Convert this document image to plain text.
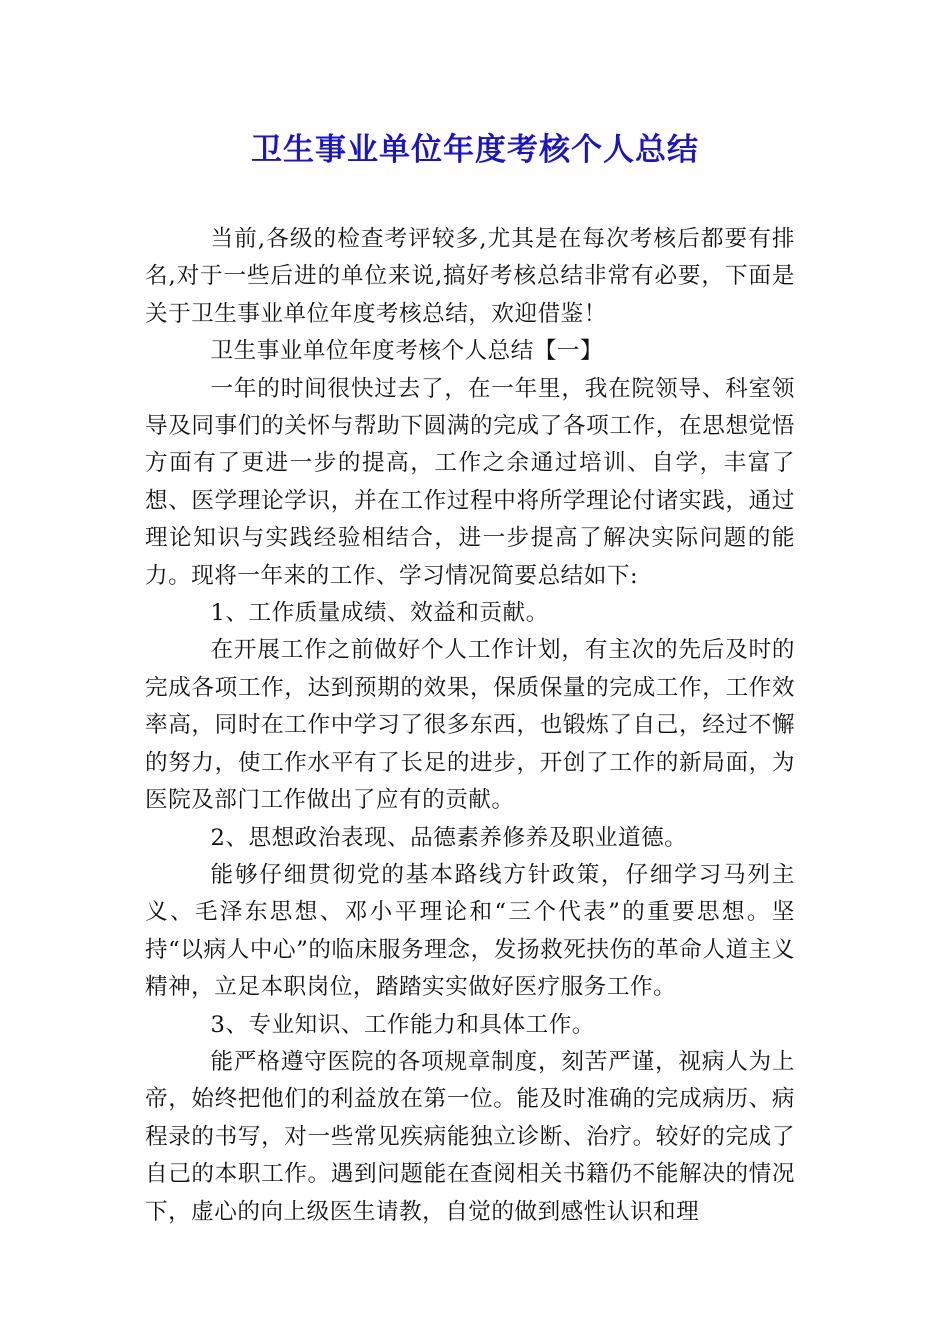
卫生事业单位年度考核个人总结

当前,各级的检查考评较多,尤其是在每次考核后都要有排名,对于一些后进的单位来说,搞好考核总结非常有必要，下面是关于卫生事业单位年度考核总结，欢迎借鉴！

卫生事业单位年度考核个人总结【一】

一年的时间很快过去了，在一年里，我在院领导、科室领导及同事们的关怀与帮助下圆满的完成了各项工作，在思想觉悟方面有了更进一步的提高，工作之余通过培训、自学，丰富了想、医学理论学识，并在工作过程中将所学理论付诸实践，通过理论知识与实践经验相结合，进一步提高了解决实际问题的能力。现将一年来的工作、学习情况简要总结如下:

1、工作质量成绩、效益和贡献。

在开展工作之前做好个人工作计划，有主次的先后及时的完成各项工作，达到预期的效果，保质保量的完成工作，工作效率高，同时在工作中学习了很多东西，也锻炼了自己，经过不懈的努力，使工作水平有了长足的进步，开创了工作的新局面，为医院及部门工作做出了应有的贡献。

2、思想政治表现、品德素养修养及职业道德。

能够仔细贯彻党的基本路线方针政策，仔细学习马列主义、毛泽东思想、邓小平理论和“三个代表”的重要思想。坚持“以病人中心”的临床服务理念，发扬救死扶伤的革命人道主义精神，立足本职岗位，踏踏实实做好医疗服务工作。

3、专业知识、工作能力和具体工作。

能严格遵守医院的各项规章制度，刻苦严谨，视病人为上帝，始终把他们的利益放在第一位。能及时准确的完成病历、病程录的书写，对一些常见疾病能独立诊断、治疗。较好的完成了自己的本职工作。遇到问题能在查阅相关书籍仍不能解决的情况下，虚心的向上级医生请教，自觉的做到感性认识和理
